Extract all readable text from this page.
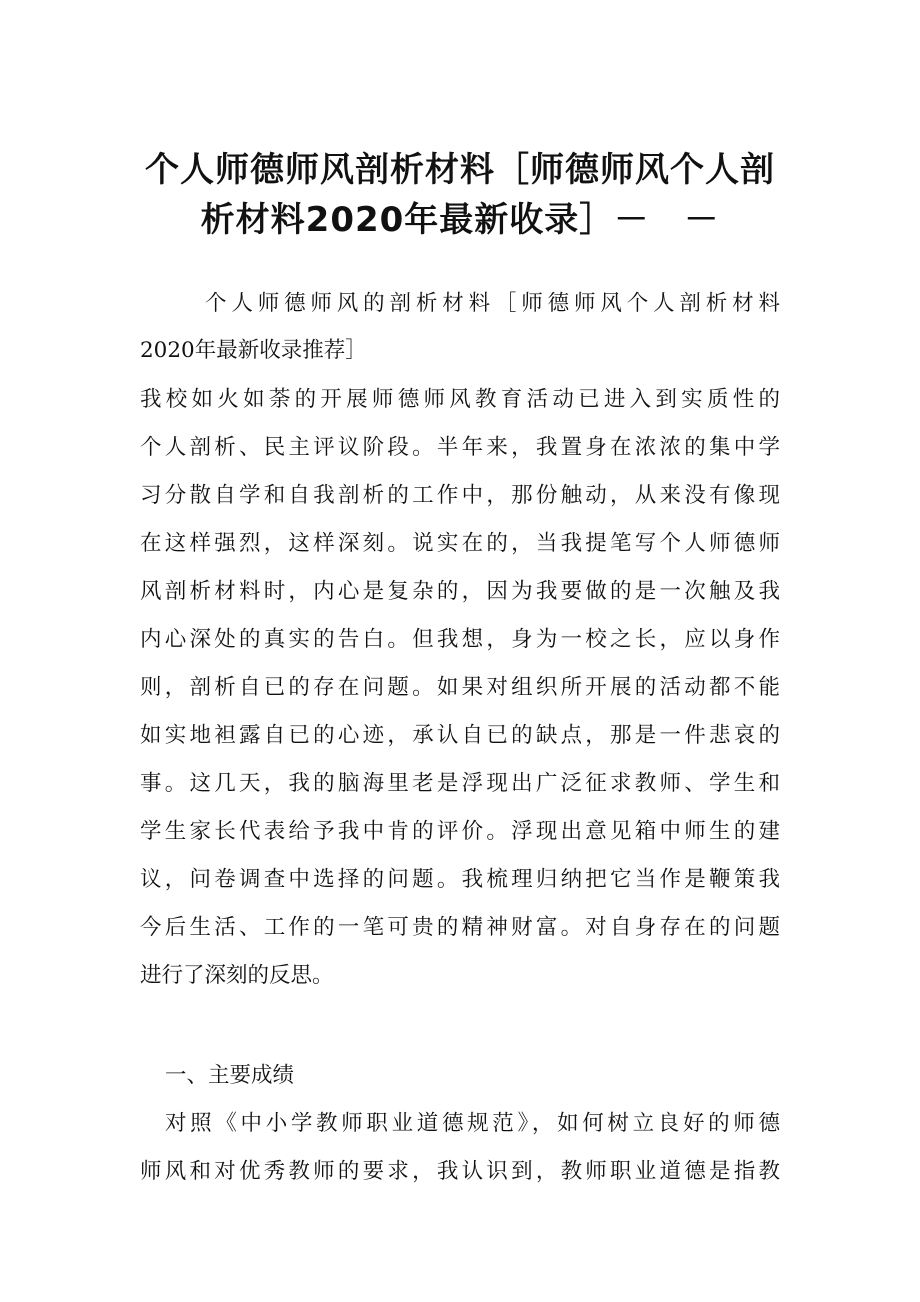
个人师德师风剖析材料［师德师风个人剖
析材料2020年最新收录］－　－

个人师德师风的剖析材料［师德师风个人剖析材料

2020年最新收录推荐］

我校如火如荼的开展师德师风教育活动已进入到实质性的

个人剖析、民主评议阶段。半年来，我置身在浓浓的集中学

习分散自学和自我剖析的工作中，那份触动，从来没有像现

在这样强烈，这样深刻。说实在的，当我提笔写个人师德师

风剖析材料时，内心是复杂的，因为我要做的是一次触及我

内心深处的真实的告白。但我想，身为一校之长，应以身作

则，剖析自已的存在问题。如果对组织所开展的活动都不能

如实地袒露自已的心迹，承认自已的缺点，那是一件悲哀的

事。这几天，我的脑海里老是浮现出广泛征求教师、学生和

学生家长代表给予我中肯的评价。浮现出意见箱中师生的建

议，问卷调查中选择的问题。我梳理归纳把它当作是鞭策我

今后生活、工作的一笔可贵的精神财富。对自身存在的问题

进行了深刻的反思。

一、主要成绩

对照《中小学教师职业道德规范》，如何树立良好的师德

师风和对优秀教师的要求，我认识到，教师职业道德是指教
